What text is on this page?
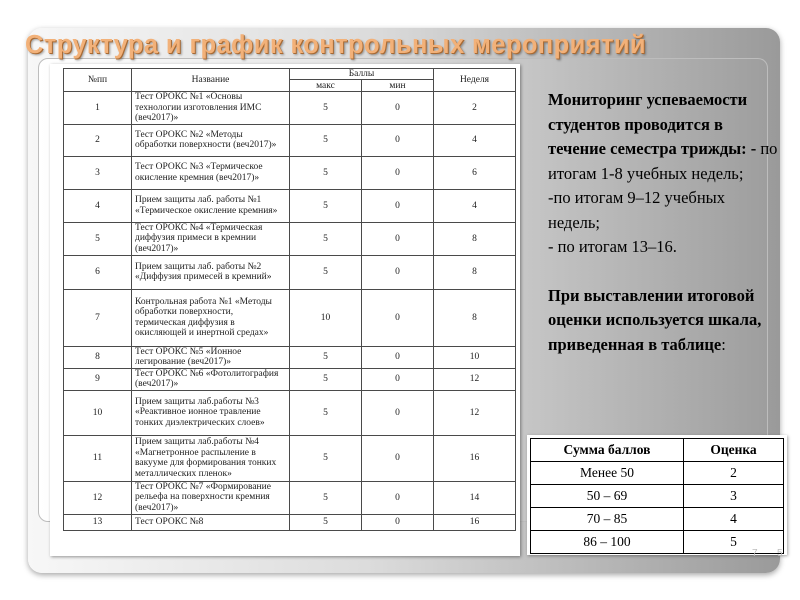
Структура и график контрольных мероприятий
№пп	Название	Баллы		Неделя
		макс	мин	
1	Тест ОРОКС №1 «Основы технологии изготовления ИМС (веч2017)»	5	0	2
2	Тест ОРОКС №2 «Методы обработки поверхности (веч2017)»	5	0	4
3	Тест ОРОКС №3 «Термическое окисление кремния (веч2017)»	5	0	6
4	Прием защиты лаб. работы №1 «Термическое окисление кремния»	5	0	4
5	Тест ОРОКС №4 «Термическая диффузия примеси в кремнии (веч2017)»	5	0	8
6	Прием защиты лаб. работы №2 «Диффузия примесей в кремний»	5	0	8
7	Контрольная работа №1 «Методы обработки поверхности, термическая диффузия в окисляющей и инертной средах»	10	0	8
8	Тест ОРОКС №5 «Ионное легирование (веч2017)»	5	0	10
9	Тест ОРОКС №6 «Фотолитография (веч2017)»	5	0	12
10	Прием защиты лаб.работы №3 «Реактивное ионное травление тонких диэлектрических слоев»	5	0	12
11	Прием защиты лаб.работы №4 «Магнетронное распыление в вакууме для формирования тонких металлических пленок»	5	0	16
12	Тест ОРОКС №7 «Формирование рельефа на поверхности кремния (веч2017)»	5	0	14
13	Тест ОРОКС №8	5	0	16

Мониторинг успеваемости студентов проводится в течение семестра трижды: - по итогам 1-8 учебных недель;

-по итогам 9–12 учебных недель;

- по итогам 13–16.

При выставлении итоговой оценки используется шкала, приведенная в таблице:

Сумма баллов	Оценка
Менее 50	2
50 – 69	3
70 – 85	4
86 – 100	5
7 5
